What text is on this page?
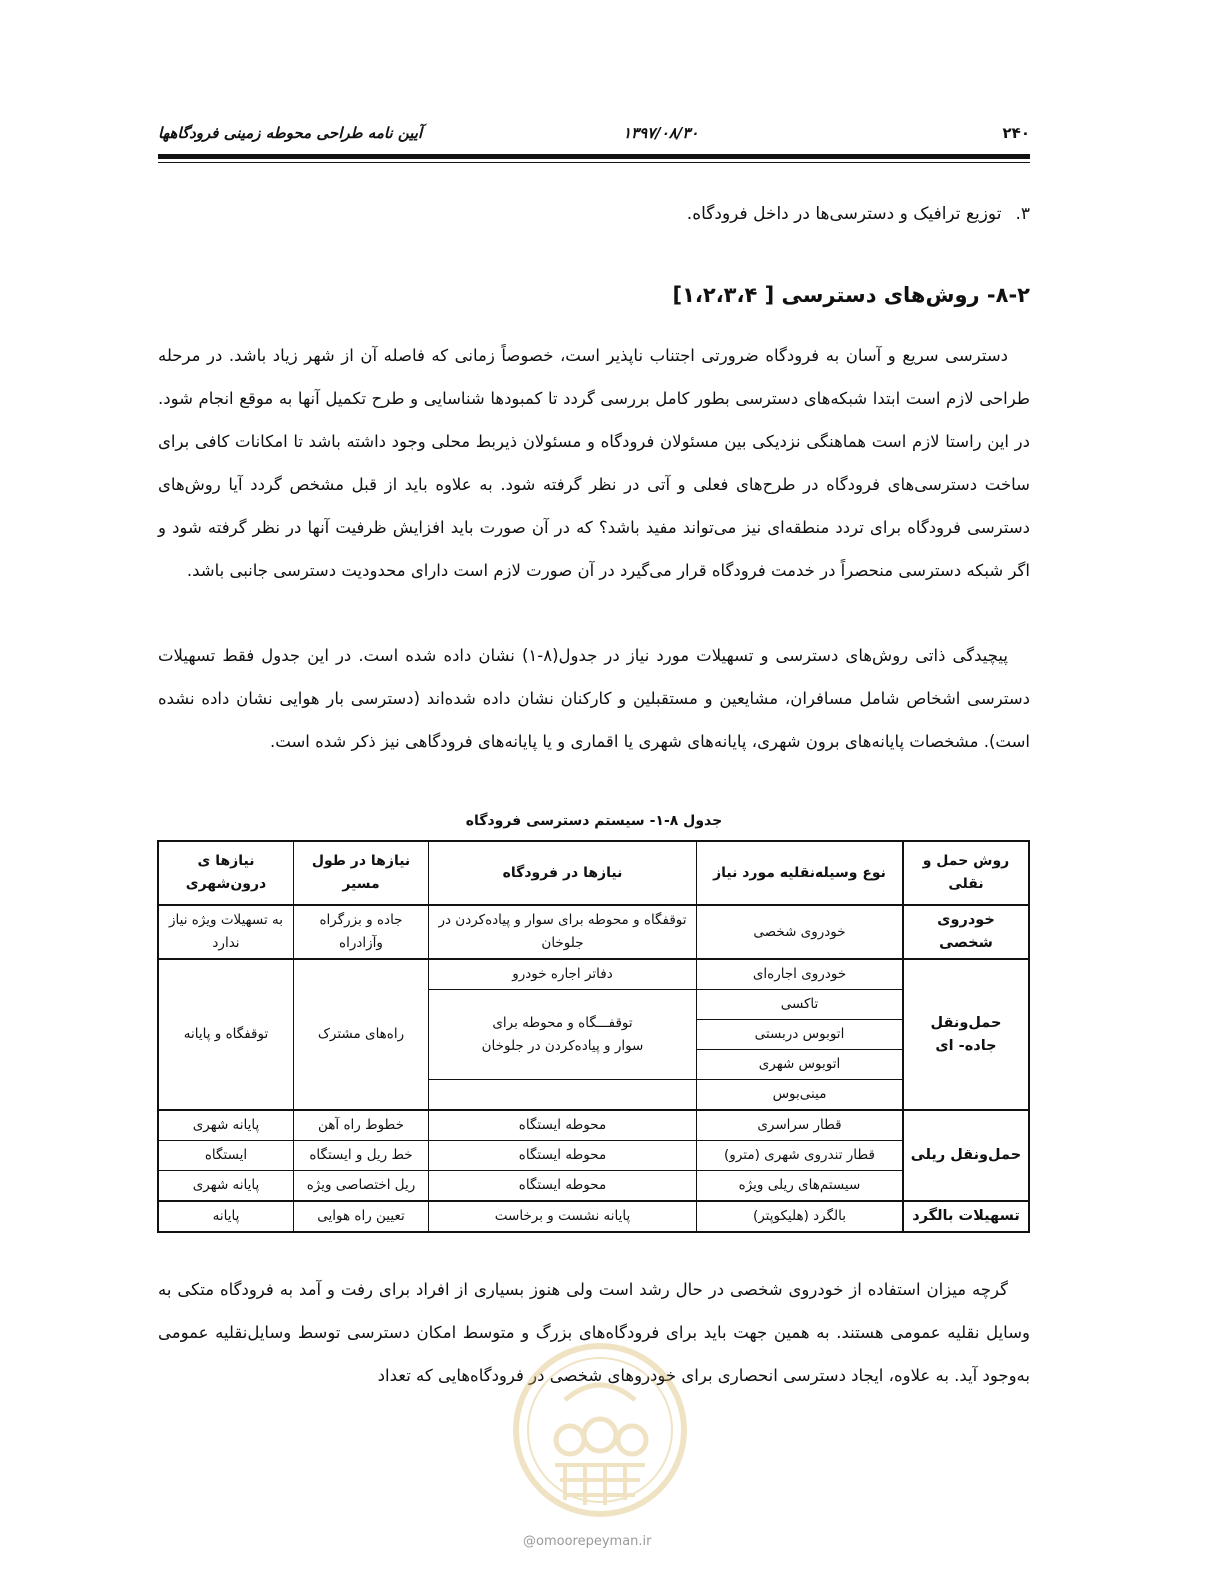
آیین نامه طراحی محوطه زمینی فرودگاهها	۱۳۹۷/۰۸/۳۰	۲۴۰
۳.توزیع ترافیک و دسترسی‌ها در داخل فرودگاه.
۸-۲- روش‌های دسترسی [ ۱،۲،۳،۴]

دسترسی سریع و آسان به فرودگاه ضرورتی اجتناب ناپذیر است، خصوصاً زمانی که فاصله آن از شهر زیاد باشد. در مرحله طراحی لازم است ابتدا شبکه‌های دسترسی بطور کامل بررسی گردد تا کمبودها شناسایی و طرح تکمیل آنها به موقع انجام شود. در این راستا لازم است هماهنگی نزدیکی بین مسئولان فرودگاه و مسئولان ذیربط محلی وجود داشته باشد تا امکانات کافی برای ساخت دسترسی‌های فرودگاه در طرح‌های فعلی و آتی در نظر گرفته شود. به علاوه باید از قبل مشخص گردد آیا روش‌های دسترسی فرودگاه برای تردد منطقه‌ای نیز می‌تواند مفید باشد؟ که در آن صورت باید افزایش ظرفیت آنها در نظر گرفته شود و اگر شبکه دسترسی منحصراً در خدمت فرودگاه قرار می‌گیرد در آن صورت لازم است دارای محدودیت دسترسی جانبی باشد.

پیچیدگی ذاتی روش‌های دسترسی و تسهیلات مورد نیاز در جدول(۸-۱) نشان داده شده است. در این جدول فقط تسهیلات دسترسی اشخاص شامل مسافران، مشایعین و مستقبلین و کارکنان نشان داده شده‌اند (دسترسی بار هوایی نشان داده نشده است). مشخصات پایانه‌های برون شهری، پایانه‌های شهری یا اقماری و یا پایانه‌های فرودگاهی نیز ذکر شده است.

جدول ۸-۱- سیستم دسترسی فرودگاه
روش حمل و نقلی	نوع وسیله‌نقلیه مورد نیاز	نیازها در فرودگاه	نیازها در طول مسیر	نیازها ی درون‌شهری
خودروی شخصی	خودروی شخصی	توقفگاه و محوطه برای سوار و پیاده‌کردن در جلوخان	جاده و بزرگراه وآزادراه	به تسهیلات ویژه نیاز ندارد
حمل‌ونقل جاده- ای	خودروی اجاره‌ای	دفاتر اجاره خودرو	راه‌های مشترک	توقفگاه و پایانه
	تاکسی	توقفـــگاه و محوطه برای سوار و پیاده‌کردن در جلوخان		
	اتوبوس دربستی			
	اتوبوس شهری			
	مینی‌بوس			
حمل‌ونقل ریلی	قطار سراسری	محوطه ایستگاه	خطوط راه آهن	پایانه شهری
	قطار تندروی شهری (مترو)	محوطه ایستگاه	خط ریل و ایستگاه	ایستگاه
	سیستم‌های ریلی ویژه	محوطه ایستگاه	ریل اختصاصی ویژه	پایانه شهری
تسهیلات بالگرد	بالگرد (هلیکوپتر)	پایانه نشست و برخاست	تعیین راه هوایی	پایانه

گرچه میزان استفاده از خودروی شخصی در حال رشد است ولی هنوز بسیاری از افراد برای رفت و آمد به فرودگاه متکی به وسایل نقلیه عمومی هستند. به همین جهت باید برای فرودگاه‌های بزرگ و متوسط امکان دسترسی توسط وسایل‌نقلیه عمومی به‌وجود آید. به علاوه، ایجاد دسترسی انحصاری برای خودروهای شخصی در فرودگاه‌هایی که تعداد

@omoorepeyman.ir
